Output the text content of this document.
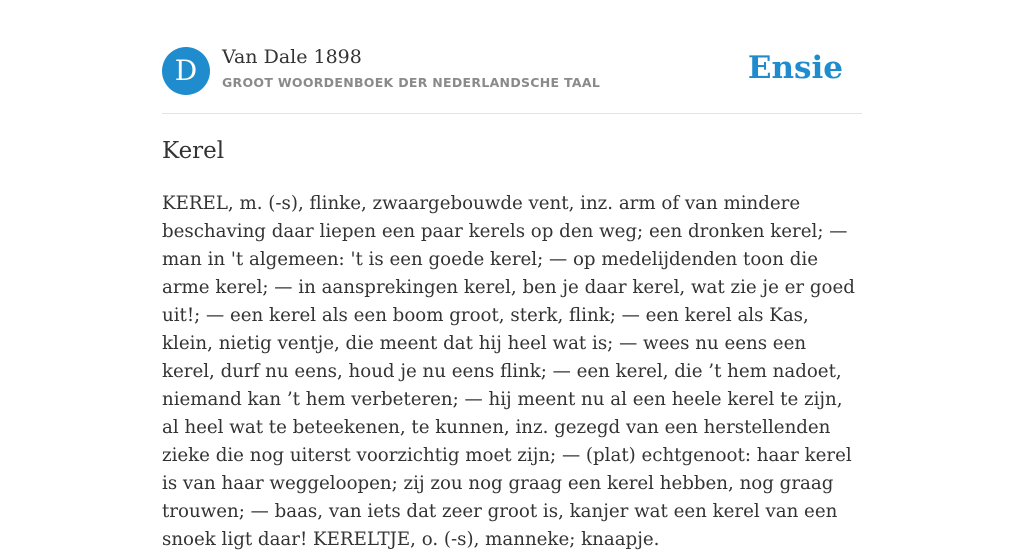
D	Van Dale 1898
GROOT WOORDENBOEK DER NEDERLANDSCHE TAAL	Ensie
Kerel

KEREL, m. (-s), flinke, zwaargebouwde vent, inz. arm of van mindere beschaving daar liepen een paar kerels op den weg; een dronken kerel; — man in 't algemeen: 't is een goede kerel; — op medelijdenden toon die arme kerel; — in aansprekingen kerel, ben je daar kerel, wat zie je er goed uit!; — een kerel als een boom groot, sterk, flink; — een kerel als Kas, klein, nietig ventje, die meent dat hij heel wat is; — wees nu eens een kerel, durf nu eens, houd je nu eens flink; — een kerel, die ’t hem nadoet, niemand kan ’t hem verbeteren; — hij meent nu al een heele kerel te zijn, al heel wat te beteekenen, te kunnen, inz. gezegd van een herstellenden zieke die nog uiterst voorzichtig moet zijn; — (plat) echtgenoot: haar kerel is van haar weggeloopen; zij zou nog graag een kerel hebben, nog graag trouwen; — baas, van iets dat zeer groot is, kanjer wat een kerel van een snoek ligt daar! KERELTJE, o. (-s), manneke; knaapje.
